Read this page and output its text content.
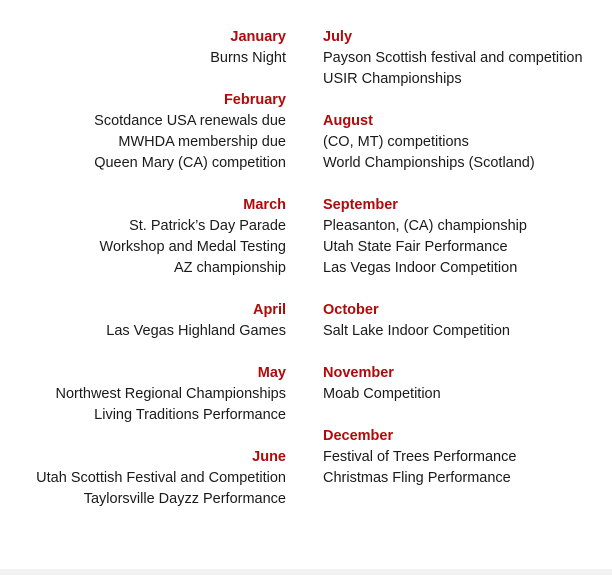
January
Burns Night
February
Scotdance USA renewals due
MWHDA membership due
Queen Mary (CA) competition
March
St. Patrick’s Day Parade
Workshop and Medal Testing
AZ championship
April
Las Vegas Highland Games
May
Northwest Regional Championships
Living Traditions Performance
June
Utah Scottish Festival and Competition
Taylorsville Dayzz Performance
July
Payson Scottish festival and competition
USIR Championships
August
(CO, MT) competitions
World Championships (Scotland)
September
Pleasanton, (CA) championship
Utah State Fair Performance
Las Vegas Indoor Competition
October
Salt Lake Indoor Competition
November
Moab Competition
December
Festival of Trees Performance
Christmas Fling Performance
